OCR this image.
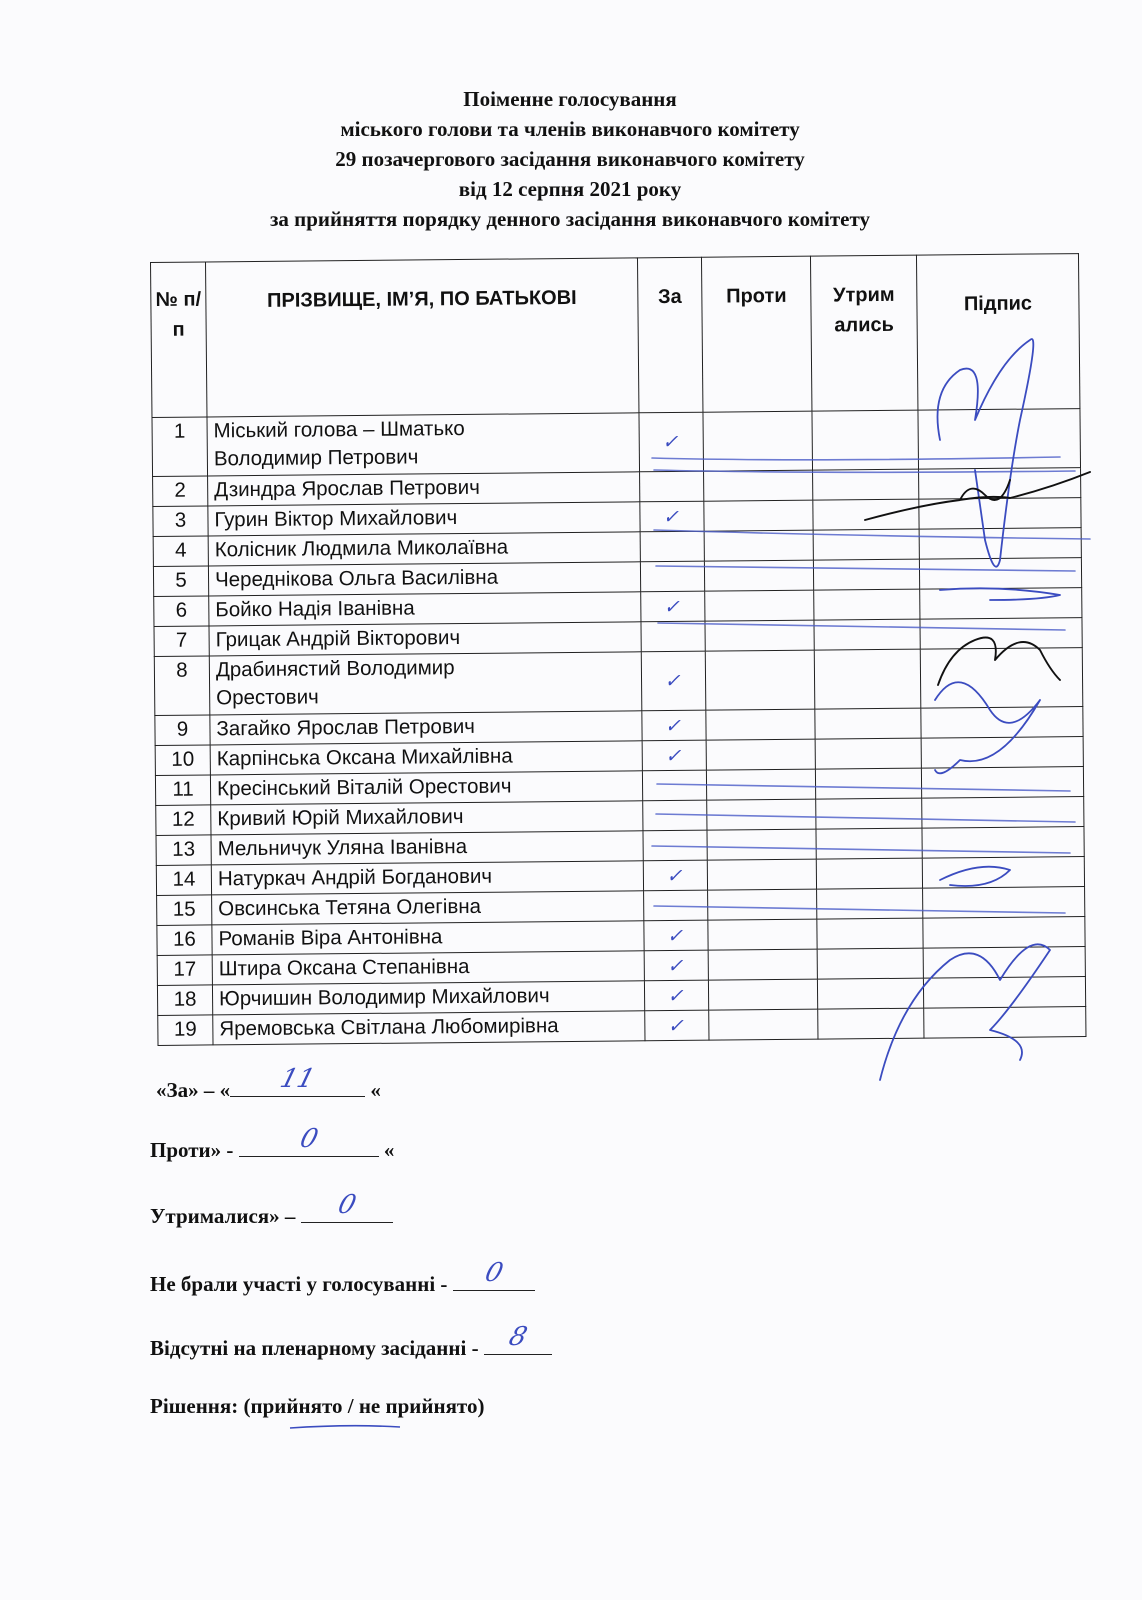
Поіменне голосування
міського голови та членів виконавчого комітету
29 позачергового засідання виконавчого комітету
від 12 серпня 2021 року
за прийняття порядку денного засідання виконавчого комітету
№ п/п	ПРІЗВИЩЕ, ІМ’Я, ПО БАТЬКОВІ	За	Проти	Утрим ались	Підпис
1	Міський голова – Шматько
Володимир Петрович	✓			
2	Дзиндра Ярослав Петрович				
3	Гурин Віктор Михайлович	✓			
4	Колісник Людмила Миколаївна				
5	Череднікова Ольга Василівна				
6	Бойко Надія Іванівна	✓			
7	Грицак Андрій Вікторович				
8	Драбинястий Володимир
Орестович	✓			
9	Загайко Ярослав Петрович	✓			
10	Карпінська Оксана Михайлівна	✓			
11	Кресінський Віталій Орестович				
12	Кривий Юрій Михайлович				
13	Мельничук Уляна Іванівна				
14	Натуркач Андрій Богданович	✓			
15	Овсинська Тетяна Олегівна				
16	Романів Віра Антонівна	✓			
17	Штира Оксана Степанівна	✓			
18	Юрчишин Володимир Михайлович	✓			
19	Яремовська Світлана Любомирівна	✓			
«За» – «	11	«
Проти» -	0	«
Утрималися» –	0
Не брали участі у голосуванні -	0
Відсутні на пленарному засіданні - 8
Рішення: (прийнято / не прийнято)
